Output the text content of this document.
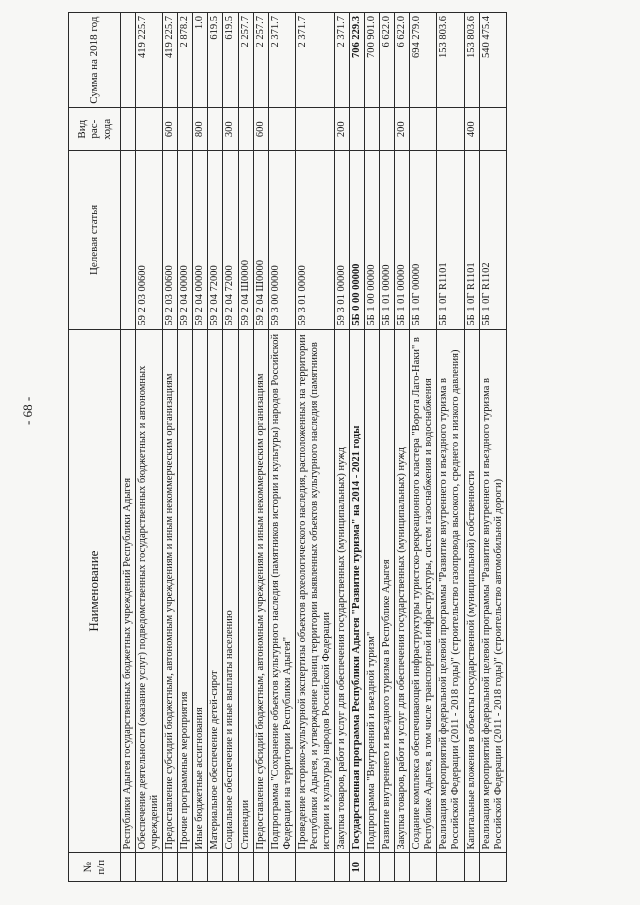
- 68 -
№ п/п	Наименование	Целевая статья	Вид рас-хода	Сумма на 2018 год
	Республики Адыгея государственных бюджетных учреждений Республики Адыгея			
	Обеспечение деятельности (оказание услуг) подведомственных государственных бюджетных и автономных учреждений	59 2 03 00600		419 225.7
	Предоставление субсидий бюджетным, автономным учреждениям и иным некоммерческим организациям	59 2 03 00600	600	419 225.7
	Прочие программные мероприятия	59 2 04 00000		2 878.2
	Иные бюджетные ассигнования	59 2 04 00000	800	1.0
	Материальное обеспечение детей-сирот	59 2 04 72000		619.5
	Социальное обеспечение и иные выплаты населению	59 2 04 72000	300	619.5
	Стипендии	59 2 04 Ш0000		2 257.7
	Предоставление субсидий бюджетным, автономным учреждениям и иным некоммерческим организациям	59 2 04 Ш0000	600	2 257.7
	Подпрограмма "Сохранение объектов культурного наследия (памятников истории и культуры) народов Российской Федерации на территории Республики Адыгея"	59 3 00 00000		2 371.7
	Проведение историко-культурной экспертизы объектов археологического наследия, расположенных на территории Республики Адыгея, и утверждение границ территории выявленных объектов культурного наследия (памятников истории и культуры) народов Российской Федерации	59 3 01 00000		2 371.7
	Закупка товаров, работ и услуг для обеспечения государственных (муниципальных) нужд	59 3 01 00000	200	2 371.7
10	Государственная программа Республики Адыгея "Развитие туризма" на 2014 - 2021 годы	5Б 0 00 00000		706 229.3
	Подпрограмма "Внутренний и въездной туризм"	5Б 1 00 00000		700 901.0
	Развитие внутреннего и въездного туризма в Республике Адыгея	5Б 1 01 00000		6 622.0
	Закупка товаров, работ и услуг для обеспечения государственных (муниципальных) нужд	5Б 1 01 00000	200	6 622.0
	Создание комплекса обеспечивающей инфраструктуры туристско-рекреационного кластера "Ворота Лаго-Наки" в Республике Адыгея, в том числе транспортной инфраструктуры, систем газоснабжения и водоснабжения	5Б 1 0Г 00000		694 279.0
	Реализация мероприятий федеральной целевой программы "Развитие внутреннего и въездного туризма в Российской Федерации (2011 - 2018 годы)" (строительство газопровода высокого, среднего и низкого давления)	5Б 1 0Г R1101		153 803.6
	Капитальные вложения в объекты государственной (муниципальной) собственности	5Б 1 0Г R1101	400	153 803.6
	Реализация мероприятий федеральной целевой программы "Развитие внутреннего и въездного туризма в Российской Федерации (2011 - 2018 годы)" (строительство автомобильной дороги)	5Б 1 0Г R1102		540 475.4
